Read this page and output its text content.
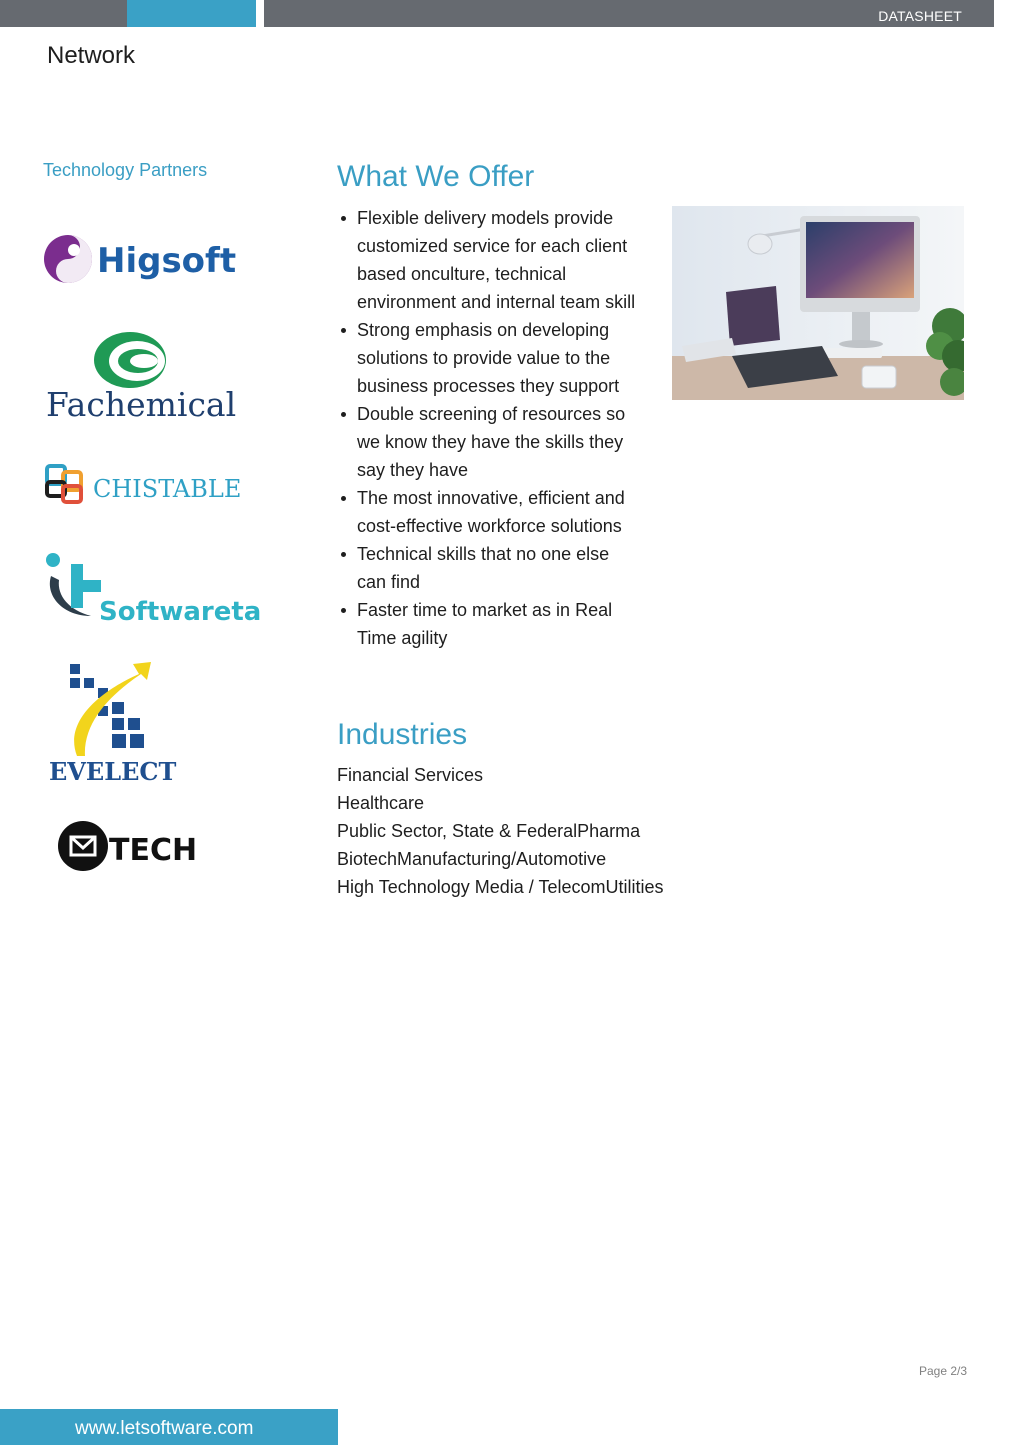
DATASHEET
Network
Technology Partners
Higsoft
Fachemical
CHISTABLE
Softwareta
EVELECT
TECH
What We Offer
Flexible delivery models provide customized service for each client based onculture, technical environment and internal team skill
Strong emphasis on developing solutions to provide value to the business processes they support
Double screening of resources so we know they have the skills they say they have
The most innovative, efficient and cost-effective workforce solutions
Technical skills that no one else can find
Faster time to market as in Real Time agility
Industries
Financial Services
Healthcare
Public Sector, State & FederalPharma
BiotechManufacturing/Automotive
High Technology Media / TelecomUtilities
Page 2/3
www.letsoftware.com
